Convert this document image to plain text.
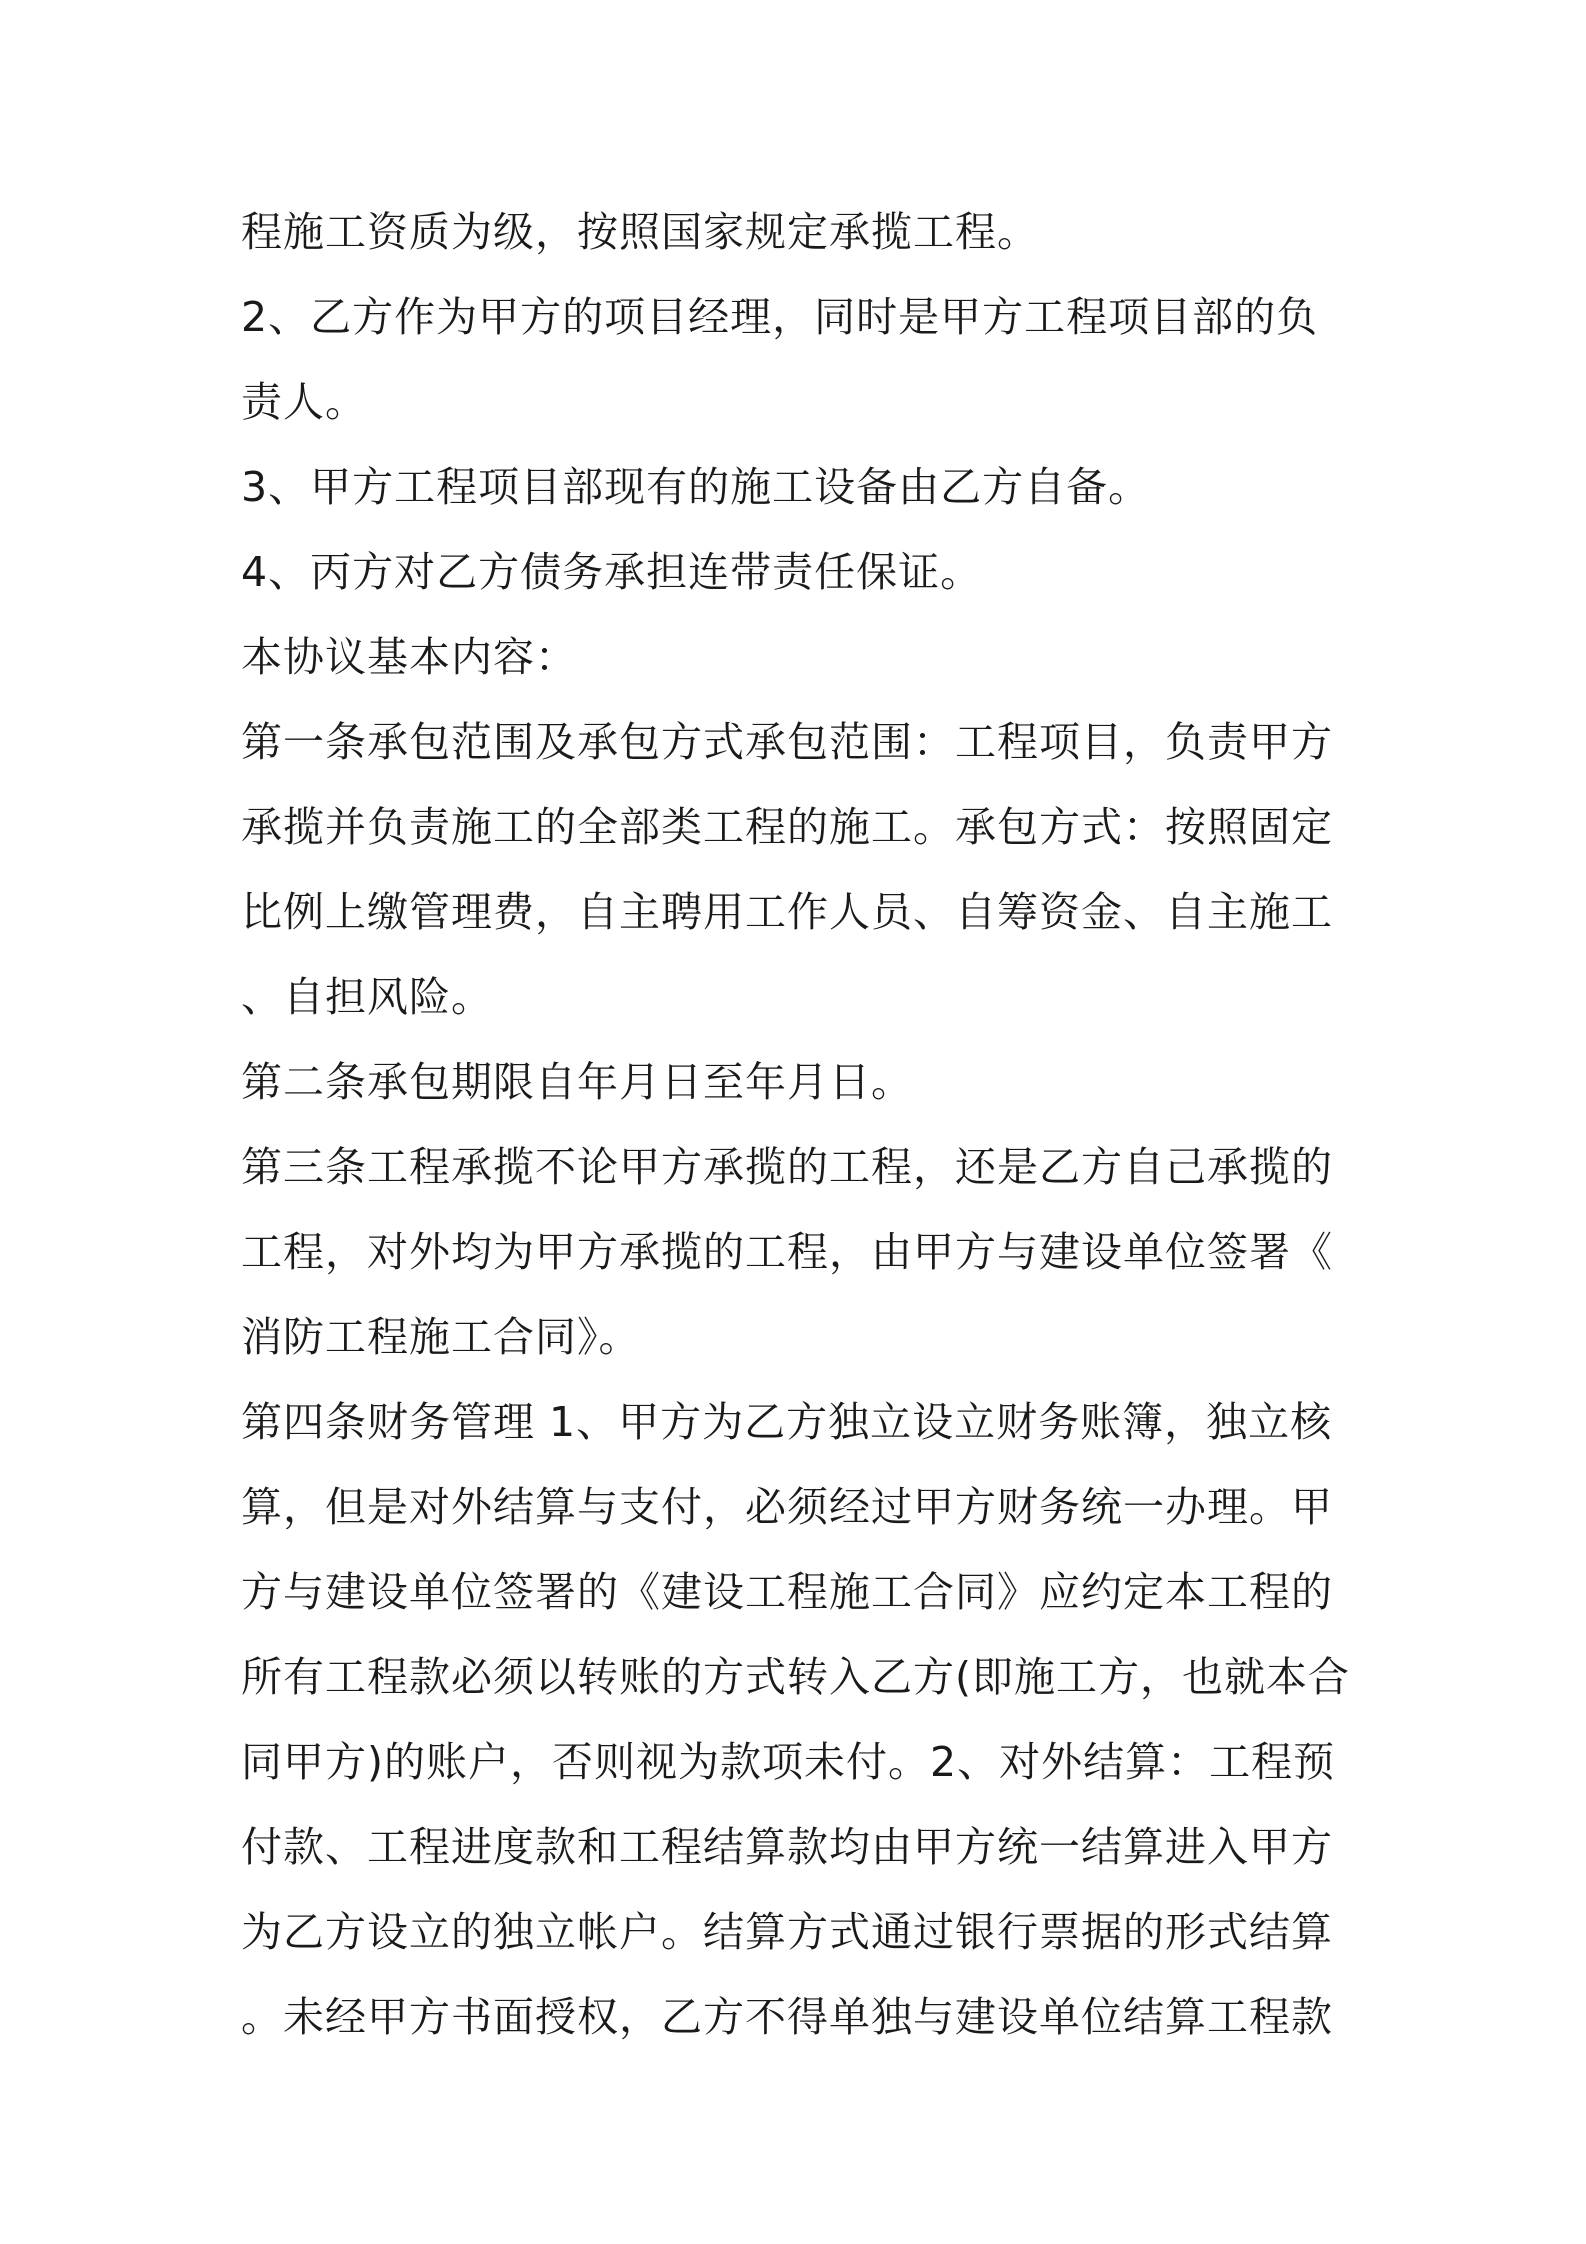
程施工资质为级，按照国家规定承揽工程。

2、乙方作为甲方的项目经理，同时是甲方工程项目部的负

责人。

3、甲方工程项目部现有的施工设备由乙方自备。

4、丙方对乙方债务承担连带责任保证。

本协议基本内容：

第一条承包范围及承包方式承包范围：工程项目，负责甲方

承揽并负责施工的全部类工程的施工。承包方式：按照固定

比例上缴管理费，自主聘用工作人员、自筹资金、自主施工

、自担风险。

第二条承包期限自年月日至年月日。

第三条工程承揽不论甲方承揽的工程，还是乙方自己承揽的

工程，对外均为甲方承揽的工程，由甲方与建设单位签署《

消防工程施工合同》。

第四条财务管理 1、甲方为乙方独立设立财务账簿，独立核

算，但是对外结算与支付，必须经过甲方财务统一办理。甲

方与建设单位签署的《建设工程施工合同》应约定本工程的

所有工程款必须以转账的方式转入乙方(即施工方，也就本合

同甲方)的账户，否则视为款项未付。2、对外结算：工程预

付款、工程进度款和工程结算款均由甲方统一结算进入甲方

为乙方设立的独立帐户。结算方式通过银行票据的形式结算

。未经甲方书面授权，乙方不得单独与建设单位结算工程款
